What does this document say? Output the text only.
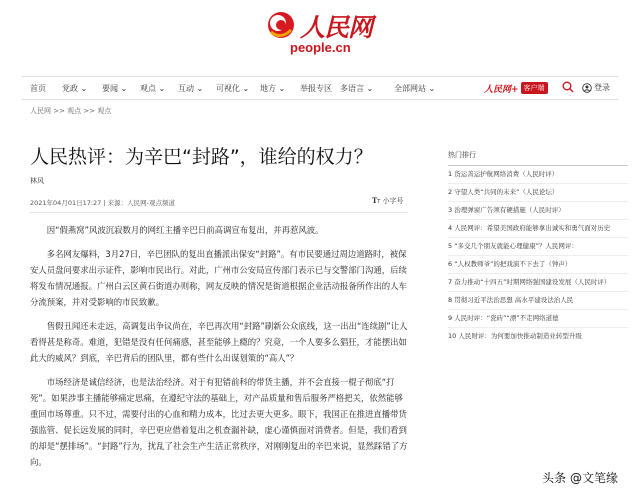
人民网
people.cn
首页 党政 ⌄ 要闻 ⌄ 观点 ⌄ 互动 ⌄ 可视化 ⌄ 地方 ⌄ 举报专区 多语言 ⌄	全部网站 ⌄	人民网+ 客户端	登录
人民网 >> 观点 >> 观点
人民热评：为辛巴“封路”，谁给的权力？
林风
2021年04月01日17:27 | 来源：人民网-观点频道	TT 小字号

因“假燕窝”风波沉寂数月的网红主播辛巴日前高调宣布复出，并再惹风波。

多名网友爆料，3月27日，辛巴团队的复出直播派出保安“封路”。有市民要通过周边道路时，被保安人员盘问要求出示证件，影响市民出行。对此，广州市公安局宣传部门表示已与交警部门沟通，后续将发布情况通报。广州白云区黄石街道办则称，网友反映的情况是街道根据企业活动报备所作出的人车分流预案，并对受影响的市民致歉。

售假丑闻还未走远，高调复出争议尚在，辛巴再次用“封路”刷新公众底线，这一出出“连续剧”让人看得甚是称奇。难道，犯错是没有任何痛感，甚至能够上瘾的？究竟，一个人要多么猖狂，才能摆出如此大的威风？到底，辛巴背后的团队里，都有些什么出谋划策的“高人”？

市场经济是诚信经济，也是法治经济。对于有犯错前科的带货主播，并不会直接一棍子彻底“打死”。如果涉事主播能够痛定思痛，在遵纪守法的基础上，对产品质量和售后服务严格把关，依然能够重回市场尊重。只不过，需要付出的心血和精力成本，比过去更大更多。眼下，我国正在推进直播带货强监管、促长远发展的同时，辛巴更应借着复出之机查漏补缺，虚心谨慎面对消费者。但是，我们看到的却是“摆排场”。“封路”行为，扰乱了社会生产生活正常秩序，对刚刚复出的辛巴来说，显然踩错了方向。

热门排行
1 货运善运护航网络消费（人民时评）
2 守望人类“共同的未来”（人民论坛）
3 治理弹窗广告须有硬措施（人民时评）
4 人民网评：希望美国政府能够拿出诚实和勇气面对历史
5 “多交几个朋友就能心理健康”？人民网评：
6 “人权教师爷”的把戏演不下去了（钟声）
7 奋力推动“十四五”时期网络强国建设发展（人民时评）
8 贯彻习近平法治思想 高水平建设法治人民
9 人民时评：“瓷砖”“漂”不走网络道德
10 人民财评：为何要加快推动制造业转型升级
头条 @文笔缘
